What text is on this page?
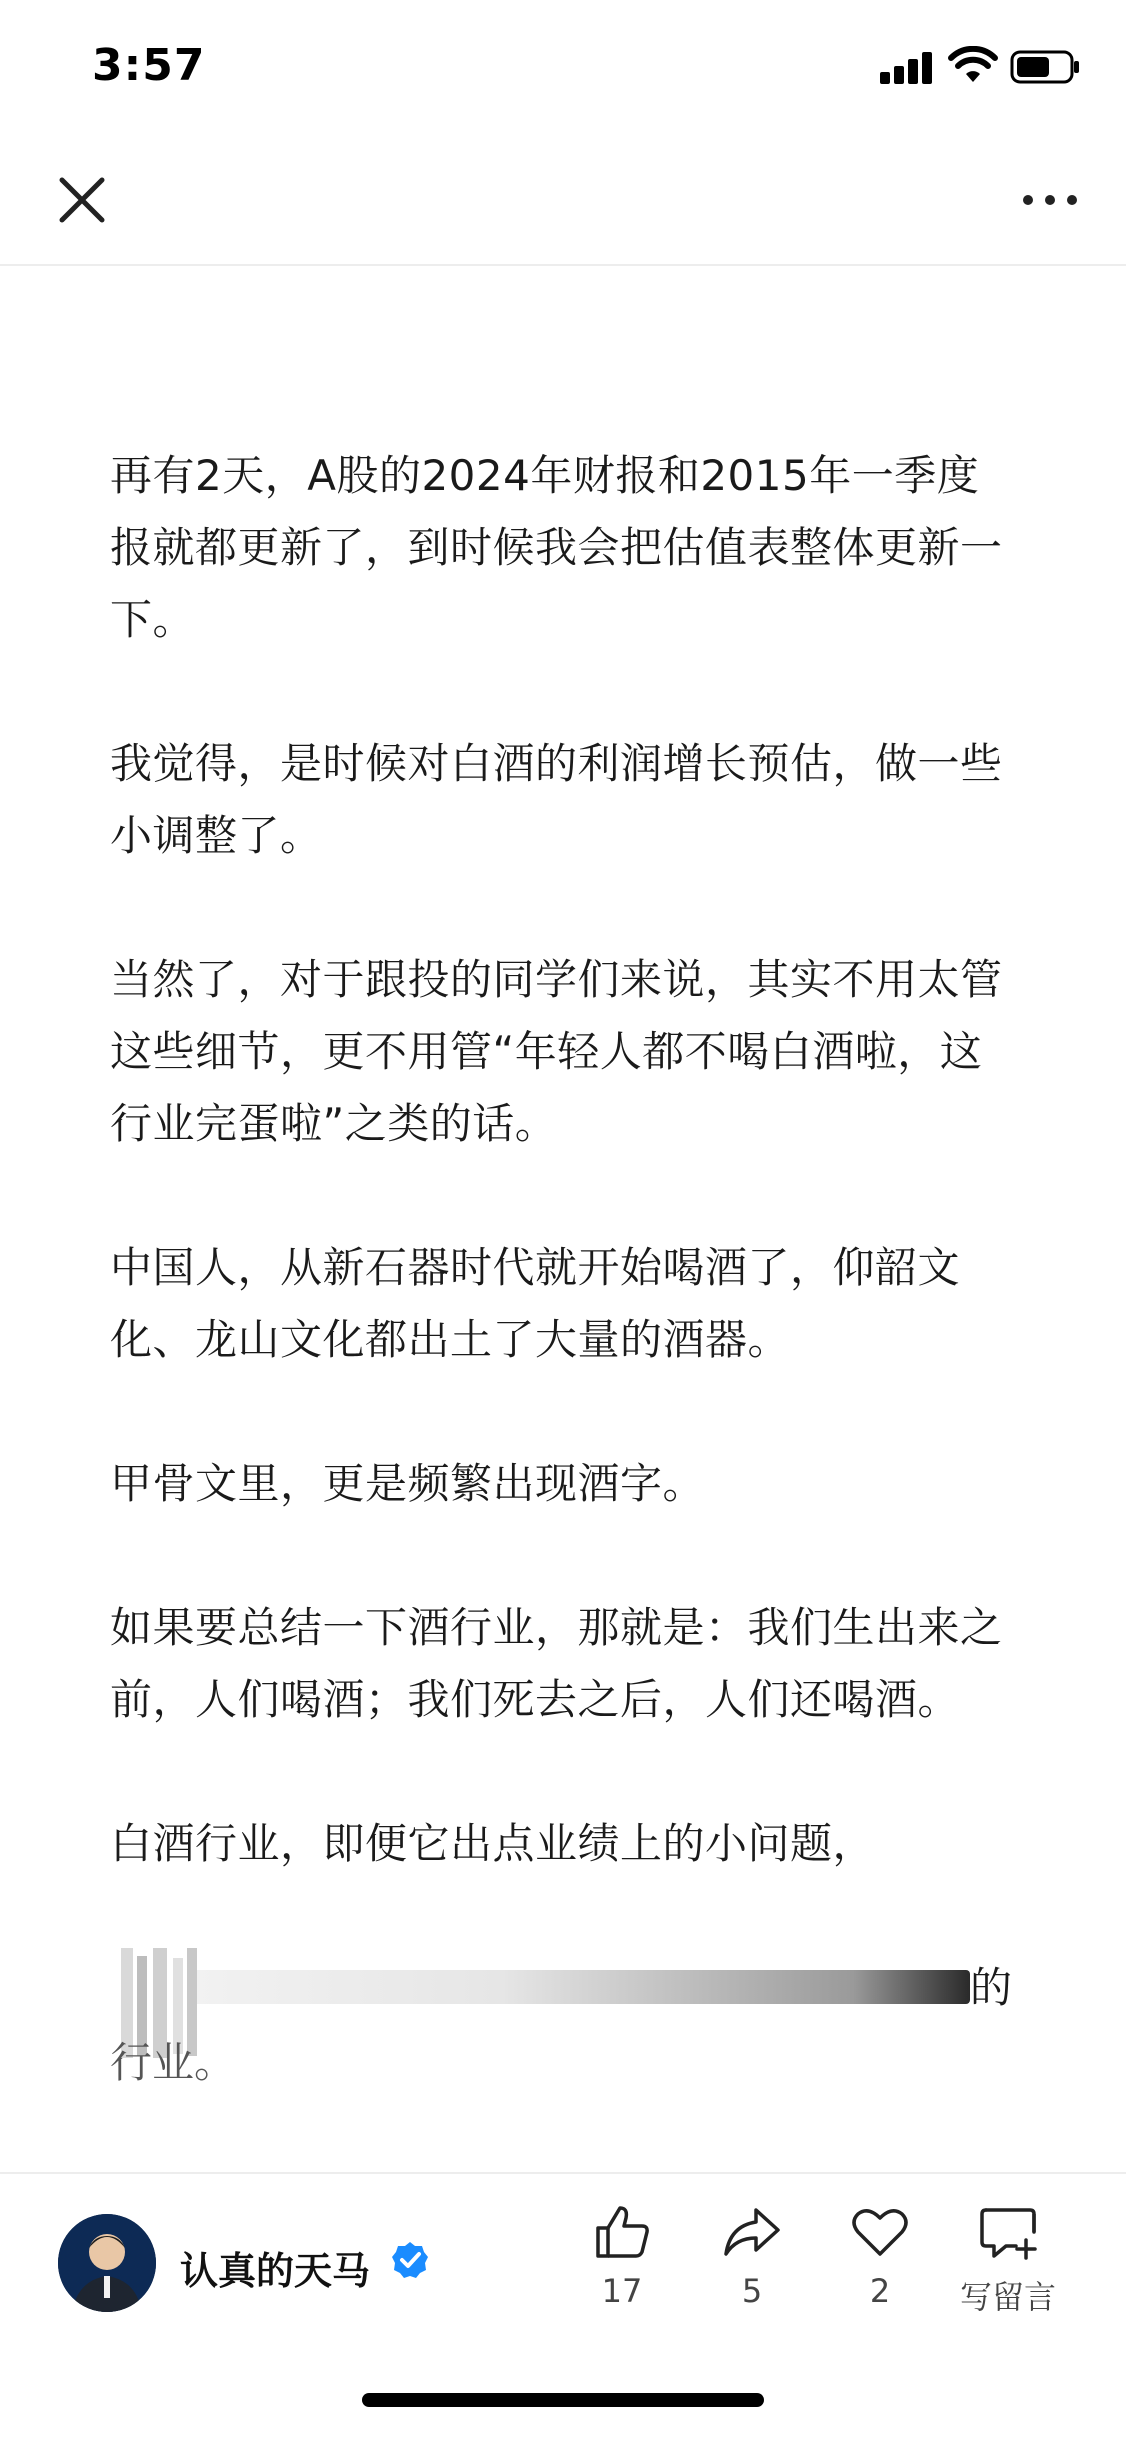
3:57

再有2天，A股的2024年财报和2015年一季度报就都更新了，到时候我会把估值表整体更新一下。

我觉得，是时候对白酒的利润增长预估，做一些小调整了。

当然了，对于跟投的同学们来说，其实不用太管这些细节，更不用管“年轻人都不喝白酒啦，这行业完蛋啦”之类的话。

中国人，从新石器时代就开始喝酒了，仰韶文化、龙山文化都出土了大量的酒器。

甲骨文里，更是频繁出现酒字。

如果要总结一下酒行业，那就是：我们生出来之前，人们喝酒；我们死去之后，人们还喝酒。

白酒行业，即便它出点业绩上的小问题，

的
行业。
认真的天马	17	5	2	写留言
